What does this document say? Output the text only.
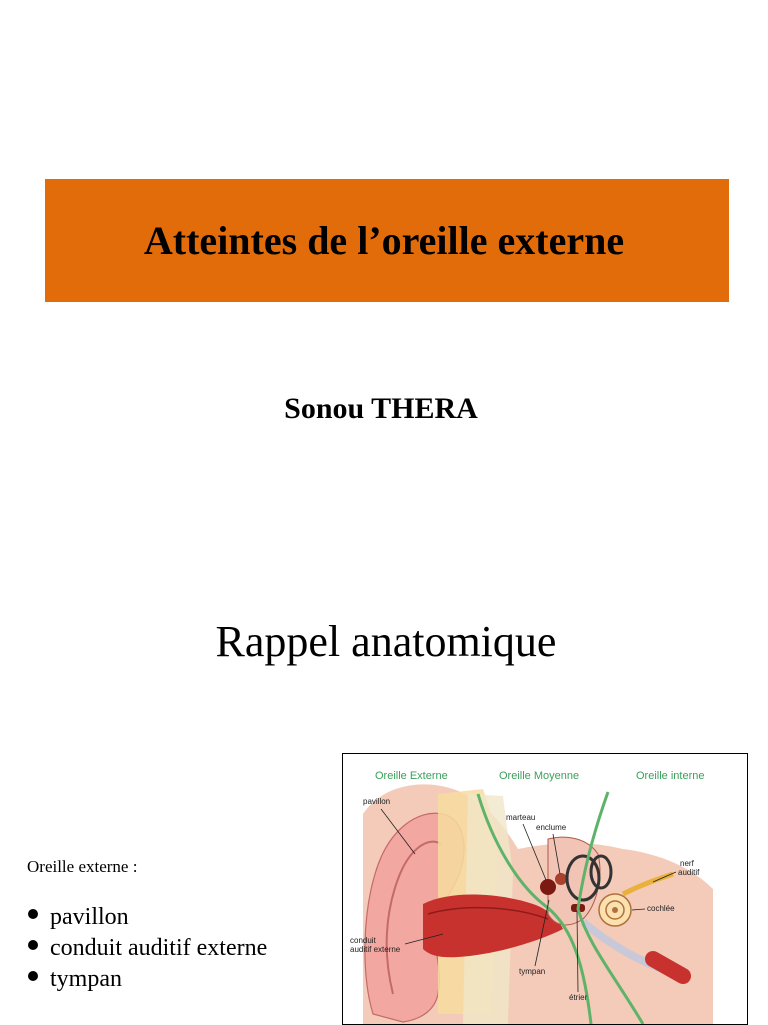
Atteintes de l’oreille externe
Sonou THERA
Rappel anatomique
Oreille externe :
pavillon
conduit auditif externe
tympan
Oreille Externe	Oreille Moyenne	Oreille interne
pavillon
marteau
enclume
nerf
auditif
cochlée
conduit
auditif externe
tympan
étrier
